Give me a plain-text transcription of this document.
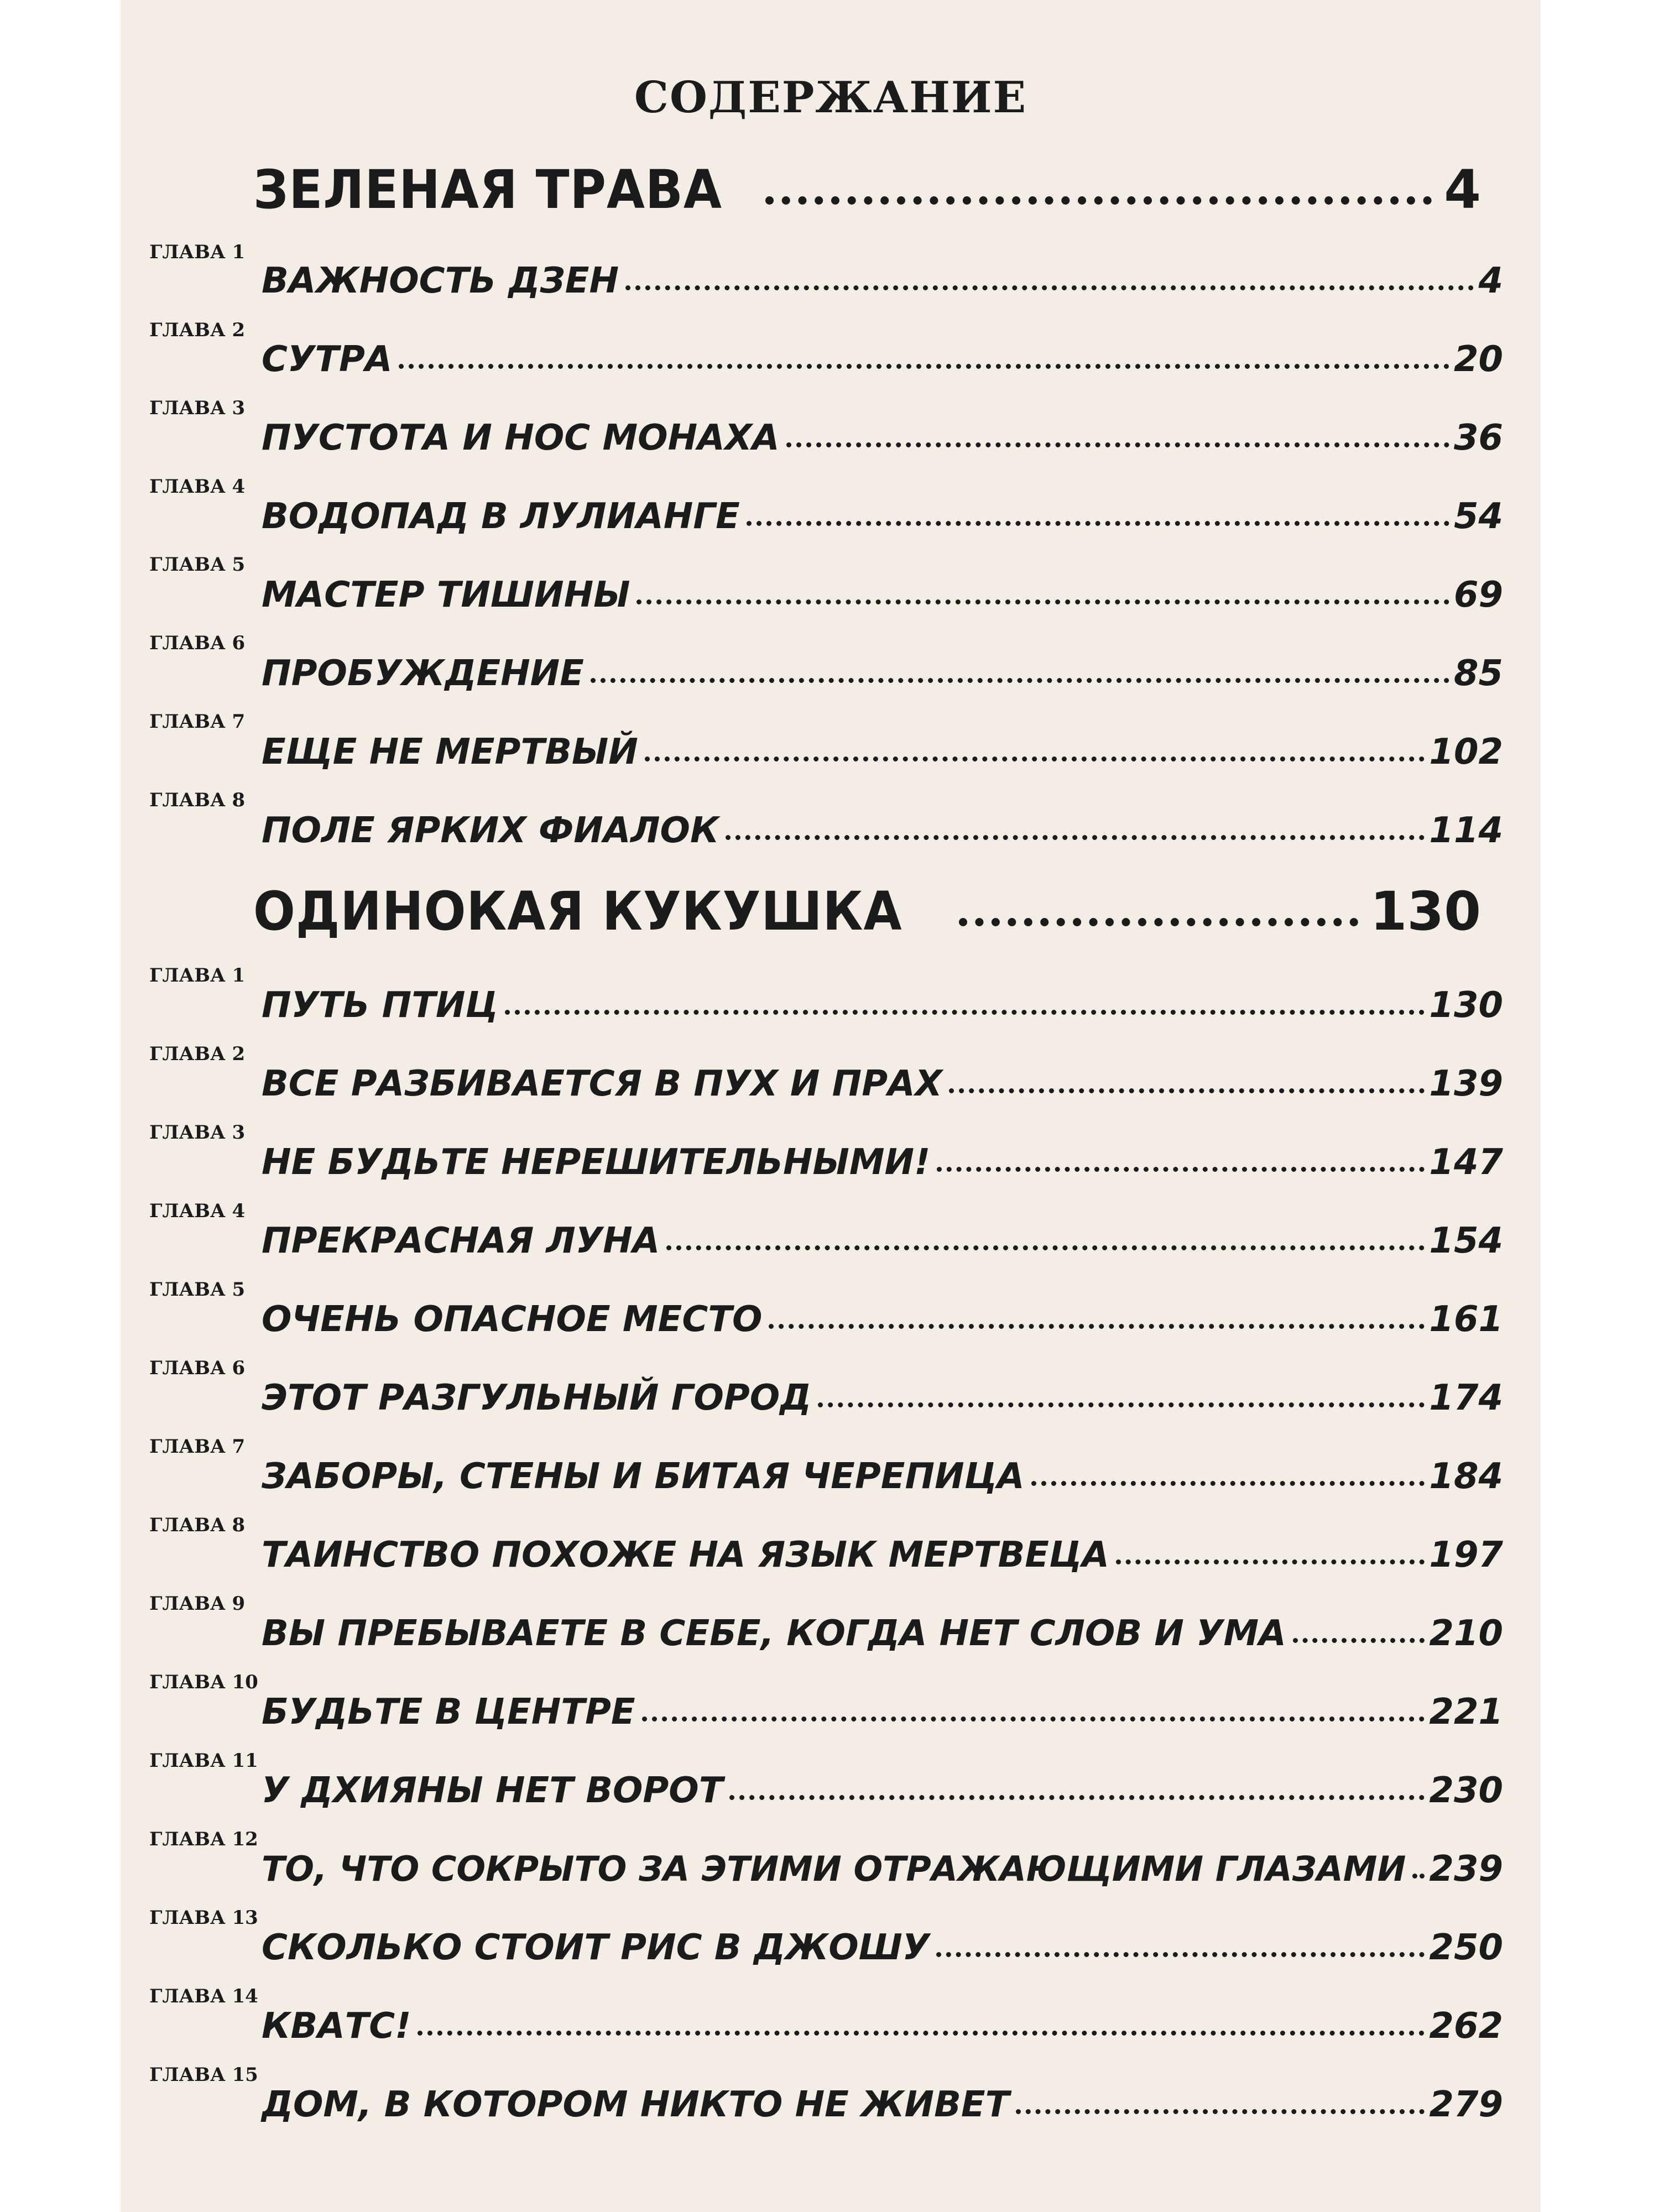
СОДЕРЖАНИЕ
ЗЕЛЕНАЯ ТРАВА	4
ГЛАВА 1
ВАЖНОСТЬ ДЗЕН	4
ГЛАВА 2
СУТРА	20
ГЛАВА 3
ПУСТОТА И НОС МОНАХА	36
ГЛАВА 4
ВОДОПАД В ЛУЛИАНГЕ	54
ГЛАВА 5
МАСТЕР ТИШИНЫ	69
ГЛАВА 6
ПРОБУЖДЕНИЕ	85
ГЛАВА 7
ЕЩЕ НЕ МЕРТВЫЙ	102
ГЛАВА 8
ПОЛЕ ЯРКИХ ФИАЛОК	114
ОДИНОКАЯ КУКУШКА	130
ГЛАВА 1
ПУТЬ ПТИЦ	130
ГЛАВА 2
ВСЕ РАЗБИВАЕТСЯ В ПУХ И ПРАХ	139
ГЛАВА 3
НЕ БУДЬТЕ НЕРЕШИТЕЛЬНЫМИ!	147
ГЛАВА 4
ПРЕКРАСНАЯ ЛУНА	154
ГЛАВА 5
ОЧЕНЬ ОПАСНОЕ МЕСТО	161
ГЛАВА 6
ЭТОТ РАЗГУЛЬНЫЙ ГОРОД	174
ГЛАВА 7
ЗАБОРЫ, СТЕНЫ И БИТАЯ ЧЕРЕПИЦА	184
ГЛАВА 8
ТАИНСТВО ПОХОЖЕ НА ЯЗЫК МЕРТВЕЦА	197
ГЛАВА 9
ВЫ ПРЕБЫВАЕТЕ В СЕБЕ, КОГДА НЕТ СЛОВ И УМА	210
ГЛАВА 10
БУДЬТЕ В ЦЕНТРЕ	221
ГЛАВА 11
У ДХИЯНЫ НЕТ ВОРОТ	230
ГЛАВА 12
ТО, ЧТО СОКРЫТО ЗА ЭТИМИ ОТРАЖАЮЩИМИ ГЛАЗАМИ 239
ГЛАВА 13
СКОЛЬКО СТОИТ РИС В ДЖОШУ	250
ГЛАВА 14
КВАТС!	262
ГЛАВА 15
ДОМ, В КОТОРОМ НИКТО НЕ ЖИВЕТ	279
